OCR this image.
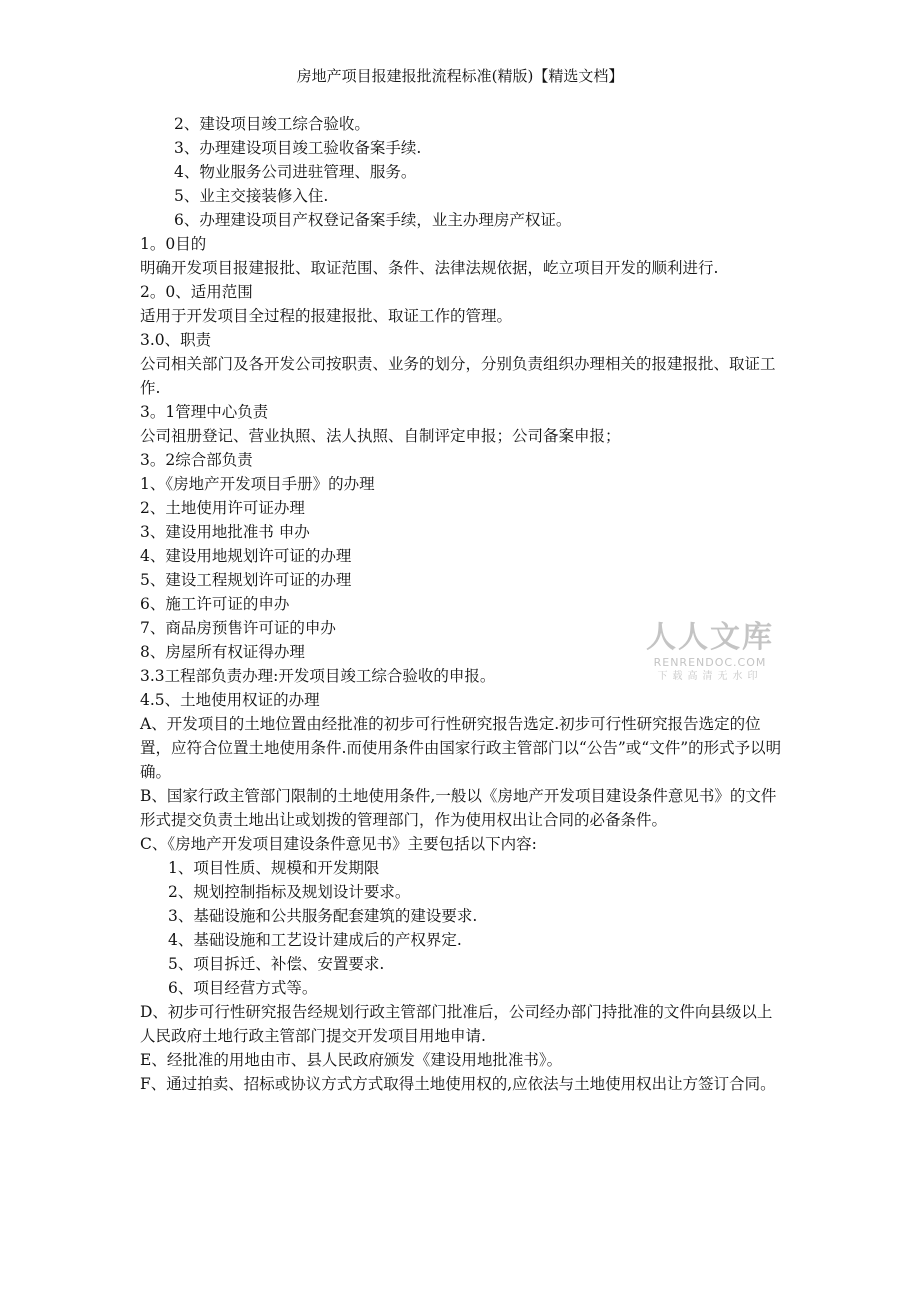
房地产项目报建报批流程标准(精版)【精选文档】

2、建设项目竣工综合验收。

3、办理建设项目竣工验收备案手续.

4、物业服务公司进驻管理、服务。

5、业主交接装修入住.

6、办理建设项目产权登记备案手续，业主办理房产权证。

1。0目的

明确开发项目报建报批、取证范围、条件、法律法规依据，屹立项目开发的顺利进行.

2。0、适用范围

适用于开发项目全过程的报建报批、取证工作的管理。

3.0、职责

公司相关部门及各开发公司按职责、业务的划分，分别负责组织办理相关的报建报批、取证工作.

3。1管理中心负责

公司祖册登记、营业执照、法人执照、自制评定申报；公司备案申报；

3。2综合部负责

1、《房地产开发项目手册》的办理

2、土地使用许可证办理

3、建设用地批准书 申办

4、建设用地规划许可证的办理

5、建设工程规划许可证的办理

6、施工许可证的申办

7、商品房预售许可证的申办

8、房屋所有权证得办理

3.3工程部负责办理:开发项目竣工综合验收的申报。

4.5、土地使用权证的办理

A、开发项目的土地位置由经批准的初步可行性研究报告选定.初步可行性研究报告选定的位置，应符合位置土地使用条件.而使用条件由国家行政主管部门以“公告”或“文件”的形式予以明确。

B、国家行政主管部门限制的土地使用条件,一般以《房地产开发项目建设条件意见书》的文件形式提交负责土地出让或划拨的管理部门，作为使用权出让合同的必备条件。

C、《房地产开发项目建设条件意见书》主要包括以下内容:

1、项目性质、规模和开发期限

2、规划控制指标及规划设计要求。

3、基础设施和公共服务配套建筑的建设要求.

4、基础设施和工艺设计建成后的产权界定.

5、项目拆迁、补偿、安置要求.

6、项目经营方式等。

D、初步可行性研究报告经规划行政主管部门批准后，公司经办部门持批准的文件向县级以上人民政府土地行政主管部门提交开发项目用地申请.

E、经批准的用地由市、县人民政府颁发《建设用地批准书》。

F、通过拍卖、招标或协议方式方式取得土地使用权的,应依法与土地使用权出让方签订合同。

人人文库
RENRENDOC.COM
下载高清无水印
